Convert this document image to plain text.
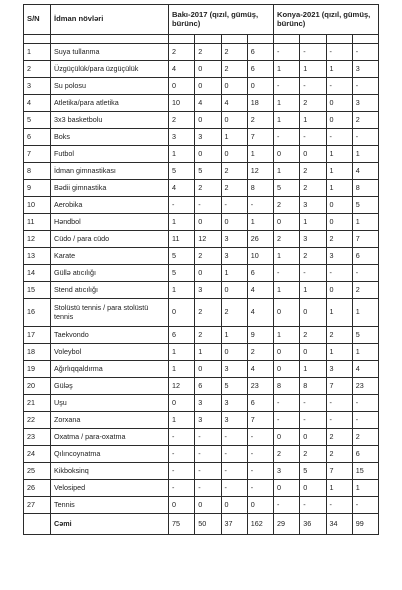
S/N	İdman növləri	Bakı-2017 (qızıl, gümüş, bürünc)				Konya-2021 (qızıl, gümüş, bürünc)			

1	Suya tullanma	2	2	2	6	-	-	-	-
2	Üzgüçülük/para üzgüçülük	4	0	2	6	1	1	1	3
3	Su polosu	0	0	0	0	-	-	-	-
4	Atletika/para atletika	10	4	4	18	1	2	0	3
5	3x3 basketbolu	2	0	0	2	1	1	0	2
6	Boks	3	3	1	7	-	-	-	-
7	Futbol	1	0	0	1	0	0	1	1
8	İdman gimnastikası	5	5	2	12	1	2	1	4
9	Bədii gimnastika	4	2	2	8	5	2	1	8
10	Aerobika	-	-	-	-	2	3	0	5
11	Həndbol	1	0	0	1	0	1	0	1
12	Cüdo / para cüdo	11	12	3	26	2	3	2	7
13	Karate	5	2	3	10	1	2	3	6
14	Güllə atıcılığı	5	0	1	6	-	-	-	-
15	Stend atıcılığı	1	3	0	4	1	1	0	2
16	Stolüstü tennis / para stolüstü tennis	0	2	2	4	0	0	1	1
17	Taekvondo	6	2	1	9	1	2	2	5
18	Voleybol	1	1	0	2	0	0	1	1
19	Ağırlıqqaldırma	1	0	3	4	0	1	3	4
20	Güləş	12	6	5	23	8	8	7	23
21	Uşu	0	3	3	6	-	-	-	-
22	Zorxana	1	3	3	7	-	-	-	-
23	Oxatma / para-oxatma	-	-	-	-	0	0	2	2
24	Qılıncoynatma	-	-	-	-	2	2	2	6
25	Kikboksinq	-	-	-	-	3	5	7	15
26	Velosiped	-	-	-	-	0	0	1	1
27	Tennis	0	0	0	0	-	-	-	-
	Cəmi	75	50	37	162	29	36	34	99
